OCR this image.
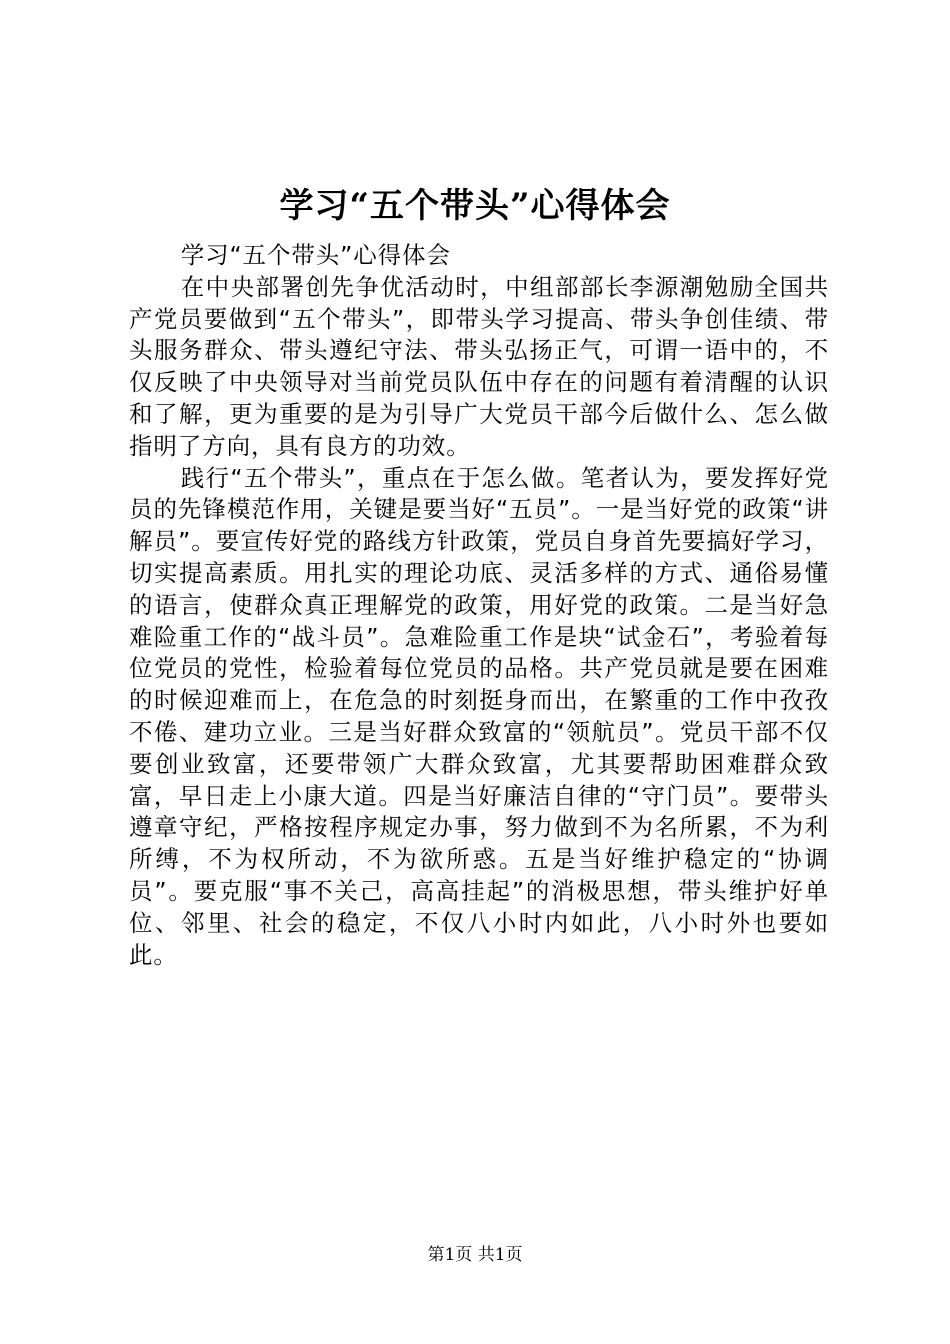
学习“五个带头”心得体会

学习“五个带头”心得体会

在中央部署创先争优活动时，中组部部长李源潮勉励全国共产党员要做到“五个带头”，即带头学习提高、带头争创佳绩、带头服务群众、带头遵纪守法、带头弘扬正气，可谓一语中的，不仅反映了中央领导对当前党员队伍中存在的问题有着清醒的认识和了解，更为重要的是为引导广大党员干部今后做什么、怎么做指明了方向，具有良方的功效。

践行“五个带头”，重点在于怎么做。笔者认为，要发挥好党员的先锋模范作用，关键是要当好“五员”。一是当好党的政策“讲解员”。要宣传好党的路线方针政策，党员自身首先要搞好学习，切实提高素质。用扎实的理论功底、灵活多样的方式、通俗易懂的语言，使群众真正理解党的政策，用好党的政策。二是当好急难险重工作的“战斗员”。急难险重工作是块“试金石”，考验着每位党员的党性，检验着每位党员的品格。共产党员就是要在困难的时候迎难而上，在危急的时刻挺身而出，在繁重的工作中孜孜不倦、建功立业。三是当好群众致富的“领航员”。党员干部不仅要创业致富，还要带领广大群众致富，尤其要帮助困难群众致富，早日走上小康大道。四是当好廉洁自律的“守门员”。要带头遵章守纪，严格按程序规定办事，努力做到不为名所累，不为利所缚，不为权所动，不为欲所惑。五是当好维护稳定的“协调员”。要克服“事不关己，高高挂起”的消极思想，带头维护好单位、邻里、社会的稳定，不仅八小时内如此，八小时外也要如此。

第1页 共1页
